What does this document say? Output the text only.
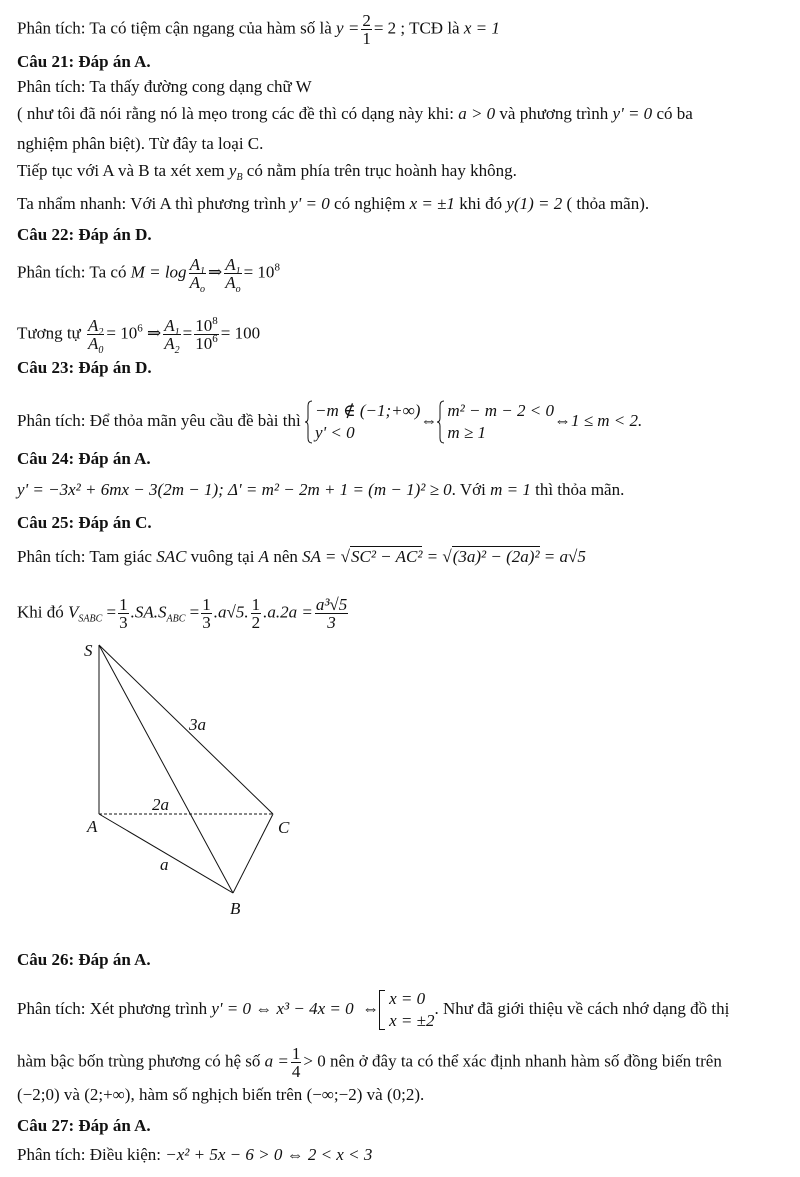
Phân tích: Ta có tiệm cận ngang của hàm số là $y = \frac{2}{1} = 2$ ; TCĐ là x = 1
Câu 21: Đáp án A.
Phân tích: Ta thấy đường cong dạng chữ W
( như tôi đã nói rằng nó là mẹo trong các đề thì có dạng này khi: a > 0 và phương trình y' = 0 có ba
nghiệm phân biệt). Từ đây ta loại C.
Tiếp tục với A và B ta xét xem $y_B$ có nằm phía trên trục hoành hay không.
Ta nhẩm nhanh: Với A thì phương trình y' = 0 có nghiệm x = ±1 khi đó y(1) = 2 ( thỏa mãn).
Câu 22: Đáp án D.
Phân tích: Ta có $M = \log \frac{A_1}{A_o}$ ⇒ $\frac{A_1}{A_o} = 10^8$
Tương tự $\frac{A_2}{A_0} = 10^6$ ⇒ $\frac{A_1}{A_2} = \frac{10^8}{10^6} = 100$
Câu 23: Đáp án D.
Phân tích: Để thỏa mãn yêu cầu đề bài thì
−m ∉ (−1;+∞)
y' < 0
⇔
m² − m − 2 < 0
m ≥ 1
⇔1 ≤ m < 2.
Câu 24: Đáp án A.
y' = −3x² + 6mx − 3(2m − 1); Δ' = m² − 2m + 1 = (m − 1)² ≥ 0. Với m = 1 thì thỏa mãn.
Câu 25: Đáp án C.
Phân tích: Tam giác SAC vuông tại A nên SA = √SC² − AC² = √(3a)² − (2a)² = a√5
Khi đó $V_{SABC} = \frac{1}{3} .SA.S_{ABC} = \frac{1}{3} .a√5$. $\frac{1}{2} .a.2a = \frac{\text{a³√5}}{3}$
S
A	C
B
3a
2a
a
Câu 26: Đáp án A.
Phân tích: Xét phương trình y' = 0 ⇔ x³ − 4x = 0 ⇔
x = 0
x = ±2
. Như đã giới thiệu về cách nhớ dạng đồ thị
hàm bậc bốn trùng phương có hệ số $a = \frac{1}{4} > 0$ nên ở đây ta có thể xác định nhanh hàm số đồng biến trên
(−2;0) và (2;+∞), hàm số nghịch biến trên (−∞;−2) và (0;2).
Câu 27: Đáp án A.
Phân tích: Điều kiện: −x² + 5x − 6 > 0 ⇔ 2 < x < 3
